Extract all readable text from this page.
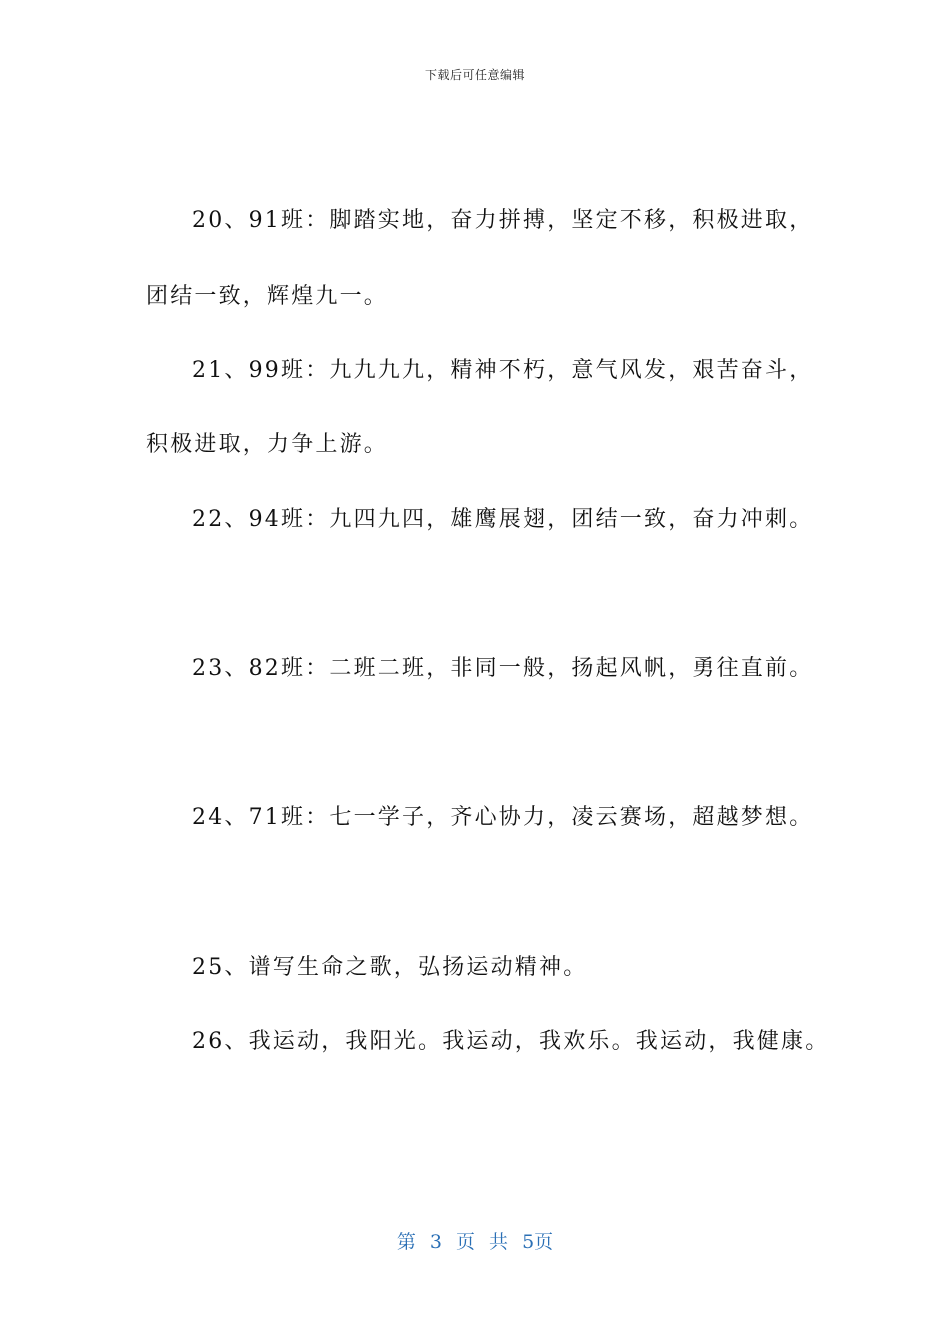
下载后可任意编辑
20、91班：脚踏实地，奋力拼搏，坚定不移，积极进取，
团结一致，辉煌九一。
21、99班：九九九九，精神不朽，意气风发，艰苦奋斗，
积极进取，力争上游。
22、94班：九四九四，雄鹰展翅，团结一致，奋力冲刺。
23、82班：二班二班，非同一般，扬起风帆，勇往直前。
24、71班：七一学子，齐心协力，凌云赛场，超越梦想。
25、谱写生命之歌，弘扬运动精神。
26、我运动，我阳光。我运动，我欢乐。我运动，我健康。
第 3 页 共 5页
